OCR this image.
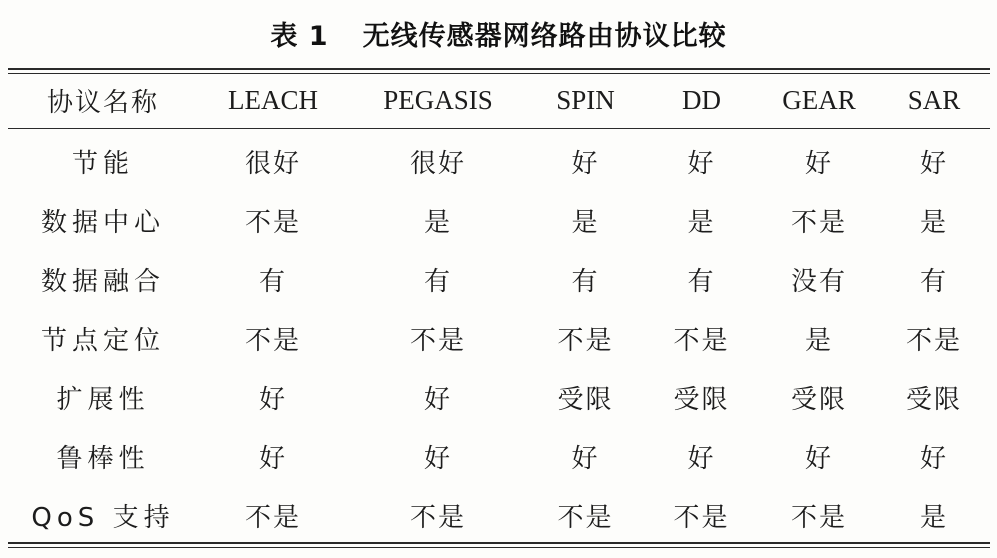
表 1 无线传感器网络路由协议比较
协议名称	LEACH	PEGASIS	SPIN	DD	GEAR	SAR
节能	很好	很好	好	好	好	好
数据中心	不是	是	是	是	不是	是
数据融合	有	有	有	有	没有	有
节点定位	不是	不是	不是	不是	是	不是
扩展性	好	好	受限	受限	受限	受限
鲁棒性	好	好	好	好	好	好
QoS 支持	不是	不是	不是	不是	不是	是
